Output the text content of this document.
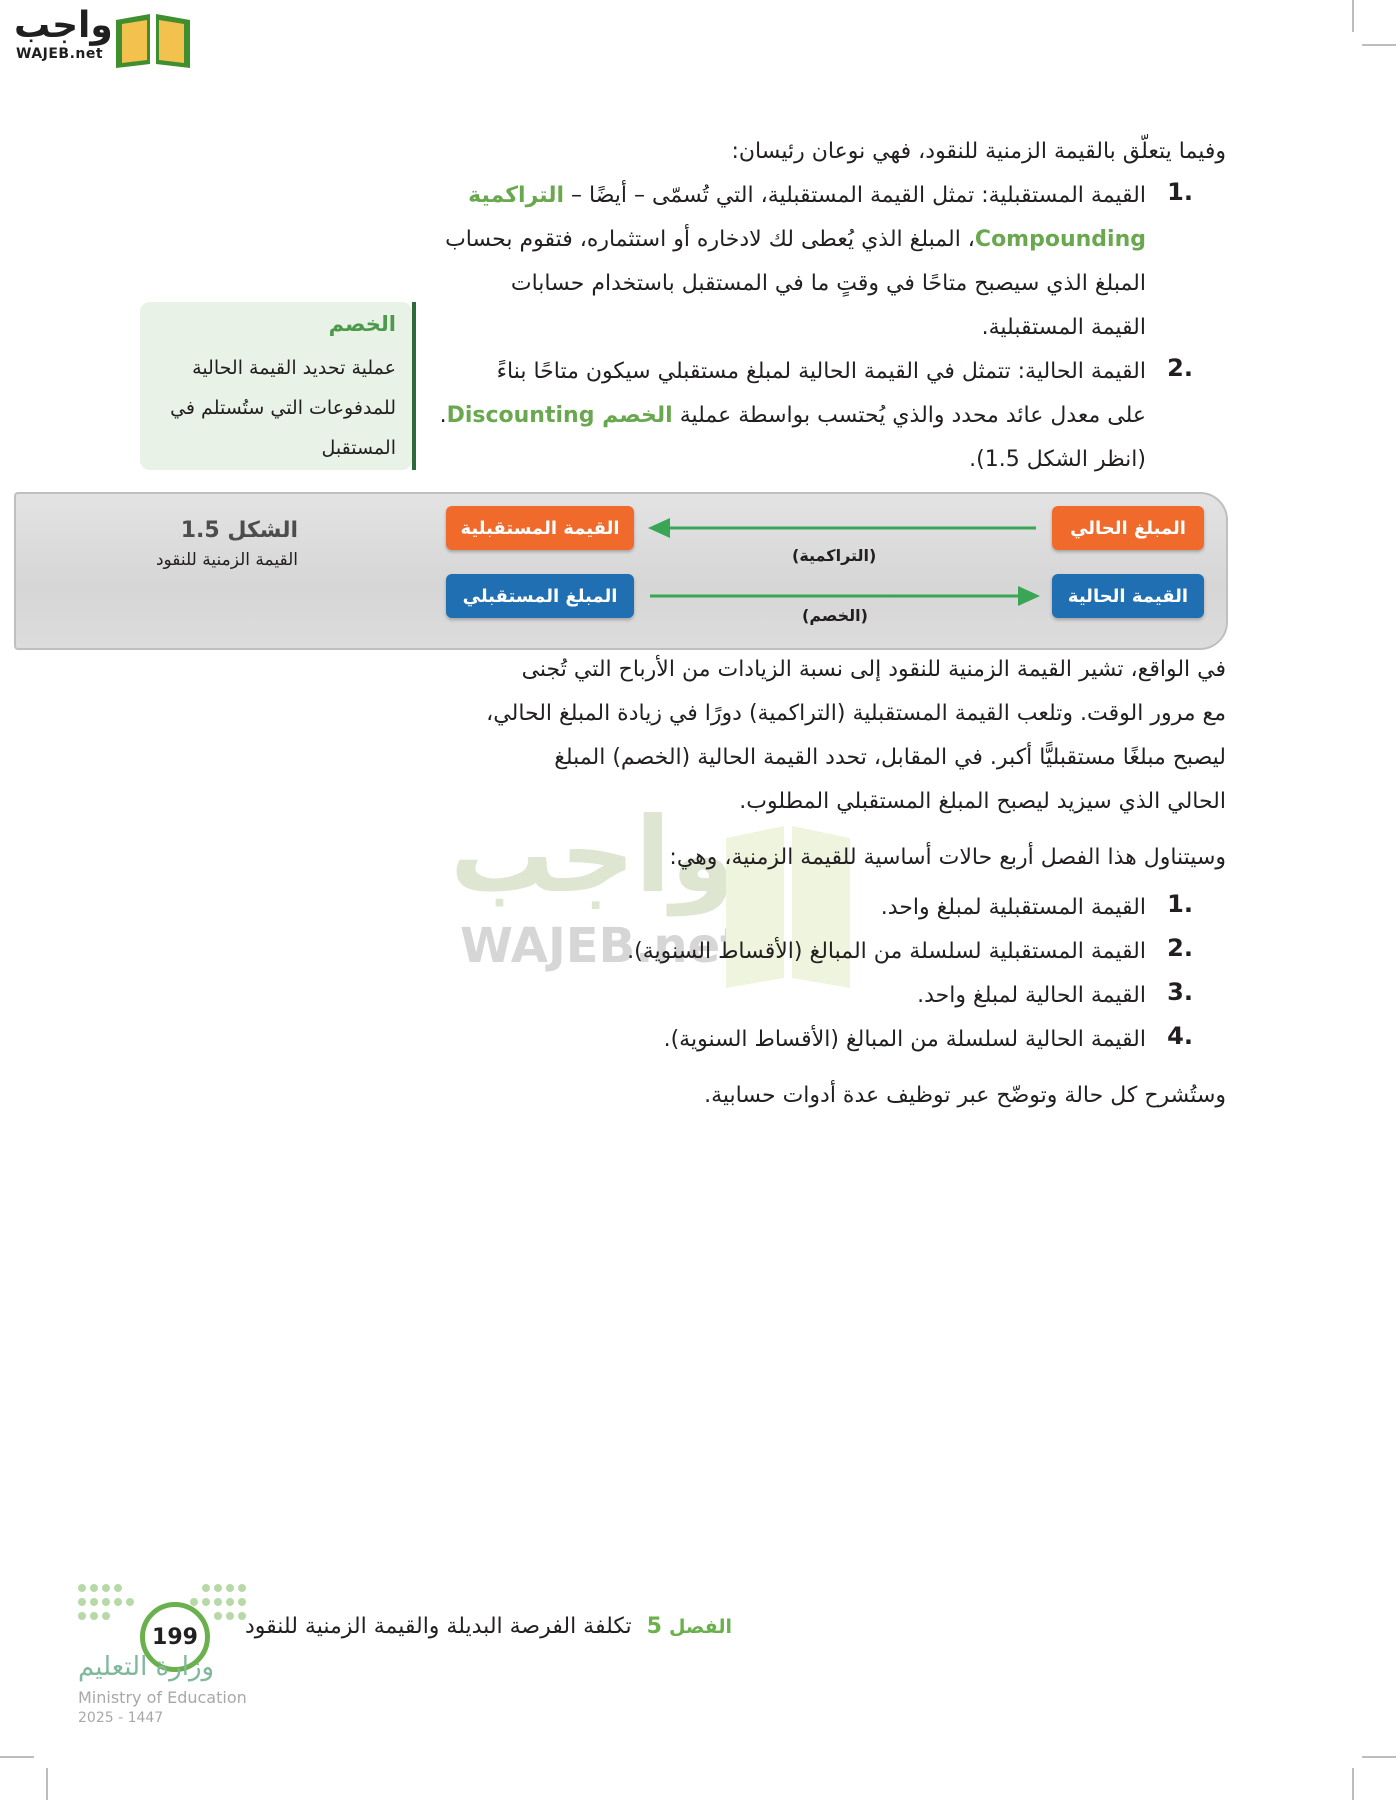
واجب
WAJEB.net
وفيما يتعلّق بالقيمة الزمنية للنقود، فهي نوعان رئيسان:
1.
القيمة المستقبلية: تمثل القيمة المستقبلية، التي تُسمّى – أيضًا – التراكمية
Compounding، المبلغ الذي يُعطى لك لادخاره أو استثماره، فتقوم بحساب
المبلغ الذي سيصبح متاحًا في وقتٍ ما في المستقبل باستخدام حسابات
القيمة المستقبلية.
2.
القيمة الحالية: تتمثل في القيمة الحالية لمبلغ مستقبلي سيكون متاحًا بناءً
على معدل عائد محدد والذي يُحتسب بواسطة عملية الخصم Discounting.
(انظر الشكل 1.5).
الخصم
عملية تحديد القيمة الحالية
للمدفوعات التي ستُستلم في
المستقبل
المبلغ الحالي
القيمة المستقبلية
القيمة الحالية
المبلغ المستقبلي
(التراكمية)
(الخصم)
الشكل 1.5
القيمة الزمنية للنقود
في الواقع، تشير القيمة الزمنية للنقود إلى نسبة الزيادات من الأرباح التي تُجنى
مع مرور الوقت. وتلعب القيمة المستقبلية (التراكمية) دورًا في زيادة المبلغ الحالي،
ليصبح مبلغًا مستقبليًّا أكبر. في المقابل، تحدد القيمة الحالية (الخصم) المبلغ
الحالي الذي سيزيد ليصبح المبلغ المستقبلي المطلوب.
واجب
WAJEB.net
وسيتناول هذا الفصل أربع حالات أساسية للقيمة الزمنية، وهي:
1.
القيمة المستقبلية لمبلغ واحد.
2.
القيمة المستقبلية لسلسلة من المبالغ (الأقساط السنوية).
3.
القيمة الحالية لمبلغ واحد.
4.
القيمة الحالية لسلسلة من المبالغ (الأقساط السنوية).
وستُشرح كل حالة وتوضّح عبر توظيف عدة أدوات حسابية.
199	الفصل 5 تكلفة الفرصة البديلة والقيمة الزمنية للنقود
وزارة التعليم
Ministry of Education
2025 - 1447
